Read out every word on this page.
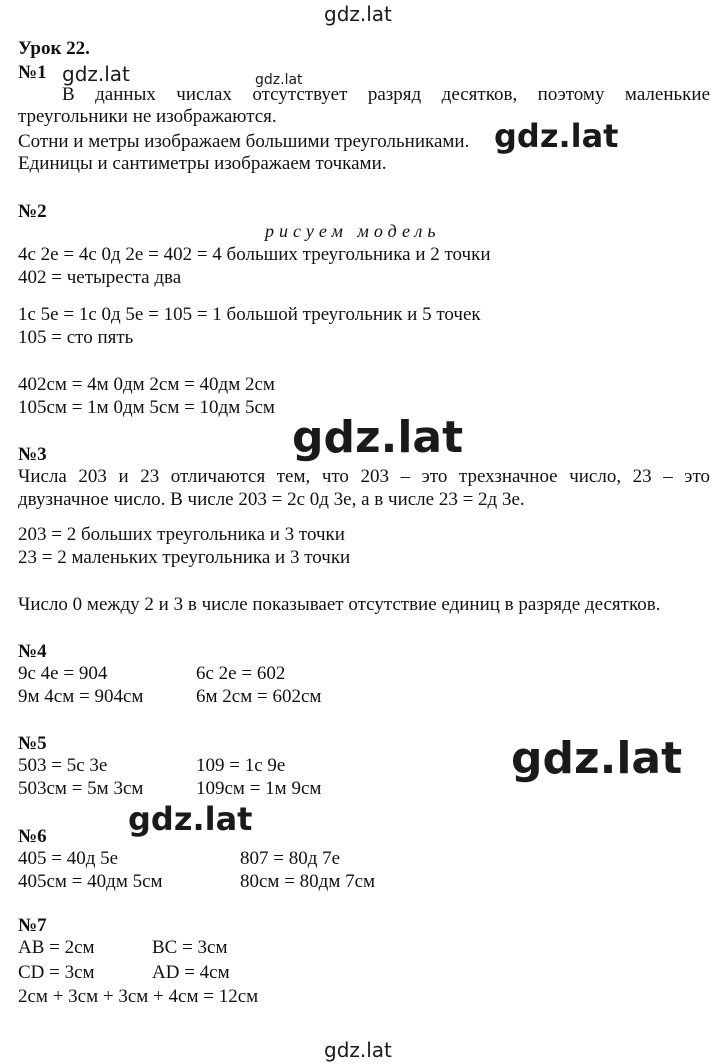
gdz.lat
gdz.lat	gdz.lat
gdz.lat
gdz.lat
gdz.lat
gdz.lat
gdz.lat
Урок 22.
№1
В данных числах отсутствует разряд десятков, поэтому маленькие
треугольники не изображаются.
Сотни и метры изображаем большими треугольниками.
Единицы и сантиметры изображаем точками.
№2
рисуем модель
4с 2е = 4с 0д 2е = 402 = 4 больших треугольника и 2 точки
402 = четыреста два
1с 5е = 1с 0д 5е = 105 = 1 большой треугольник и 5 точек
105 = сто пять
402см = 4м 0дм 2см = 40дм 2см
105см = 1м 0дм 5см = 10дм 5см
№3
Числа 203 и 23 отличаются тем, что 203 – это трехзначное число, 23 – это
двузначное число. В числе 203 = 2с 0д 3е, а в числе 23 = 2д 3е.
203 = 2 больших треугольника и 3 точки
23 = 2 маленьких треугольника и 3 точки
Число 0 между 2 и 3 в числе показывает отсутствие единиц в разряде десятков.
№4
9с 4е = 904	6с 2е = 602
9м 4см = 904см	6м 2см = 602см
№5
503 = 5с 3е	109 = 1с 9е
503см = 5м 3см	109см = 1м 9см
№6
405 = 40д 5е	807 = 80д 7е
405см = 40дм 5см	80см = 80дм 7см
№7
АВ = 2см	ВС = 3см
CD = 3см	AD = 4см
2см + 3см + 3см + 4см = 12см
